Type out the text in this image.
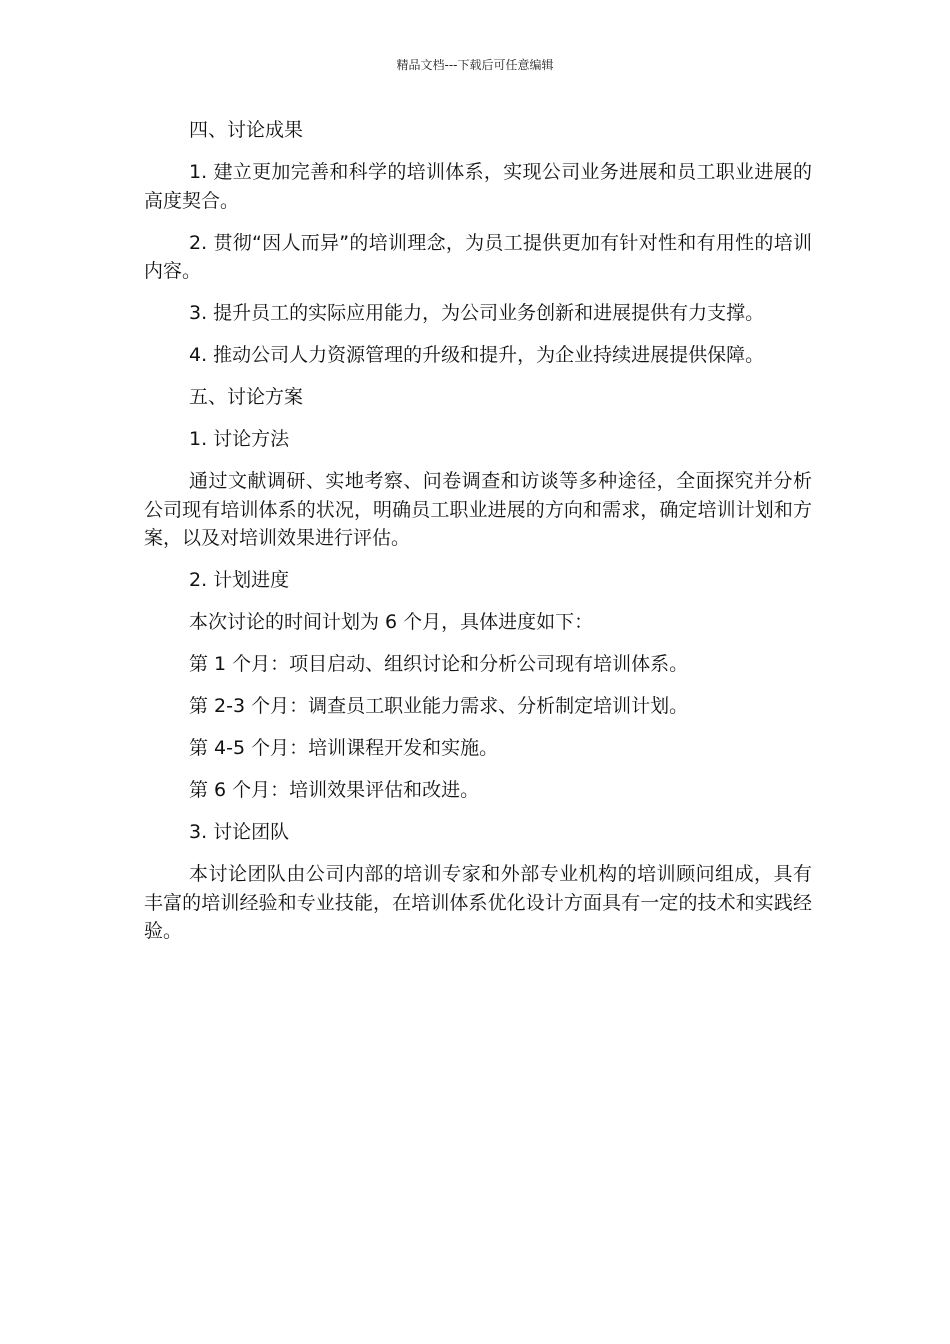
精品文档---下载后可任意编辑

四、讨论成果

1. 建立更加完善和科学的培训体系，实现公司业务进展和员工职业进展的高度契合。

2. 贯彻“因人而异”的培训理念，为员工提供更加有针对性和有用性的培训内容。

3. 提升员工的实际应用能力，为公司业务创新和进展提供有力支撑。

4. 推动公司人力资源管理的升级和提升，为企业持续进展提供保障。

五、讨论方案

1. 讨论方法

通过文献调研、实地考察、问卷调查和访谈等多种途径，全面探究并分析公司现有培训体系的状况，明确员工职业进展的方向和需求，确定培训计划和方案，以及对培训效果进行评估。

2. 计划进度

本次讨论的时间计划为 6 个月，具体进度如下：

第 1 个月：项目启动、组织讨论和分析公司现有培训体系。

第 2-3 个月：调查员工职业能力需求、分析制定培训计划。

第 4-5 个月：培训课程开发和实施。

第 6 个月：培训效果评估和改进。

3. 讨论团队

本讨论团队由公司内部的培训专家和外部专业机构的培训顾问组成，具有丰富的培训经验和专业技能，在培训体系优化设计方面具有一定的技术和实践经验。
